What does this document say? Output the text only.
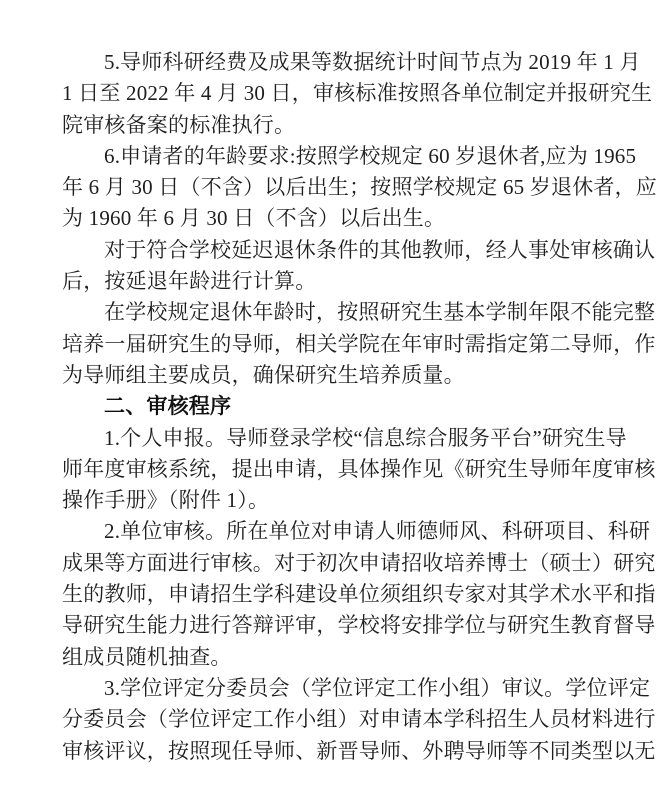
5.导师科研经费及成果等数据统计时间节点为 2019 年 1 月
1 日至 2022 年 4 月 30 日，审核标准按照各单位制定并报研究生
院审核备案的标准执行。
6.申请者的年龄要求:按照学校规定 60 岁退休者,应为 1965
年 6 月 30 日（不含）以后出生；按照学校规定 65 岁退休者，应
为 1960 年 6 月 30 日（不含）以后出生。
对于符合学校延迟退休条件的其他教师，经人事处审核确认
后，按延退年龄进行计算。
在学校规定退休年龄时，按照研究生基本学制年限不能完整
培养一届研究生的导师，相关学院在年审时需指定第二导师，作
为导师组主要成员，确保研究生培养质量。
二、审核程序
1.个人申报。导师登录学校“信息综合服务平台”研究生导
师年度审核系统，提出申请，具体操作见《研究生导师年度审核
操作手册》（附件 1）。
2.单位审核。所在单位对申请人师德师风、科研项目、科研
成果等方面进行审核。对于初次申请招收培养博士（硕士）研究
生的教师，申请招生学科建设单位须组织专家对其学术水平和指
导研究生能力进行答辩评审，学校将安排学位与研究生教育督导
组成员随机抽查。
3.学位评定分委员会（学位评定工作小组）审议。学位评定
分委员会（学位评定工作小组）对申请本学科招生人员材料进行
审核评议，按照现任导师、新晋导师、外聘导师等不同类型以无
